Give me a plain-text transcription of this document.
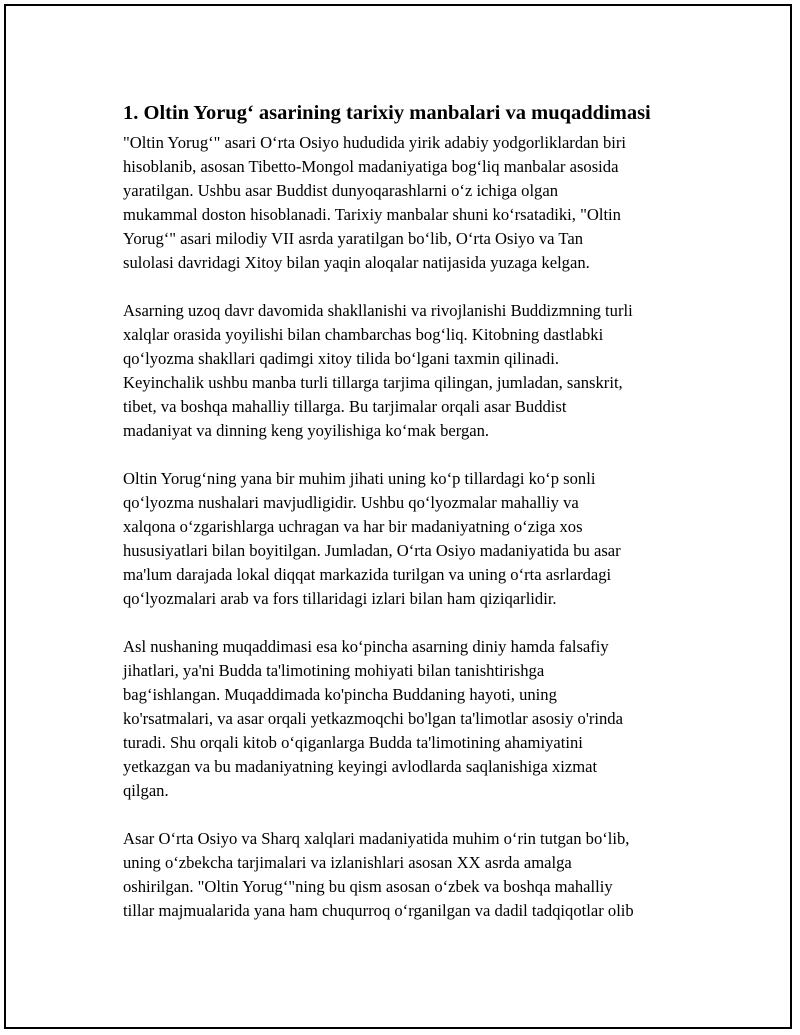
1. Oltin Yorug‘ asarining tarixiy manbalari va muqaddimasi
"Oltin Yorug‘" asari O‘rta Osiyo hududida yirik adabiy yodgorliklardan biri
hisoblanib, asosan Tibetto-Mongol madaniyatiga bog‘liq manbalar asosida
yaratilgan. Ushbu asar Buddist dunyoqarashlarni o‘z ichiga olgan
mukammal doston hisoblanadi. Tarixiy manbalar shuni ko‘rsatadiki, "Oltin
Yorug‘" asari milodiy VII asrda yaratilgan bo‘lib, O‘rta Osiyo va Tan
sulolasi davridagi Xitoy bilan yaqin aloqalar natijasida yuzaga kelgan.
Asarning uzoq davr davomida shakllanishi va rivojlanishi Buddizmning turli
xalqlar orasida yoyilishi bilan chambarchas bog‘liq. Kitobning dastlabki
qo‘lyozma shakllari qadimgi xitoy tilida bo‘lgani taxmin qilinadi.
Keyinchalik ushbu manba turli tillarga tarjima qilingan, jumladan, sanskrit,
tibet, va boshqa mahalliy tillarga. Bu tarjimalar orqali asar Buddist
madaniyat va dinning keng yoyilishiga ko‘mak bergan.
Oltin Yorug‘ning yana bir muhim jihati uning ko‘p tillardagi ko‘p sonli
qo‘lyozma nushalari mavjudligidir. Ushbu qo‘lyozmalar mahalliy va
xalqona o‘zgarishlarga uchragan va har bir madaniyatning o‘ziga xos
hususiyatlari bilan boyitilgan. Jumladan, O‘rta Osiyo madaniyatida bu asar
ma'lum darajada lokal diqqat markazida turilgan va uning o‘rta asrlardagi
qo‘lyozmalari arab va fors tillaridagi izlari bilan ham qiziqarlidir.
Asl nushaning muqaddimasi esa ko‘pincha asarning diniy hamda falsafiy
jihatlari, ya'ni Budda ta'limotining mohiyati bilan tanishtirishga
bag‘ishlangan. Muqaddimada ko'pincha Buddaning hayoti, uning
ko'rsatmalari, va asar orqali yetkazmoqchi bo'lgan ta'limotlar asosiy o'rinda
turadi. Shu orqali kitob o‘qiganlarga Budda ta'limotining ahamiyatini
yetkazgan va bu madaniyatning keyingi avlodlarda saqlanishiga xizmat
qilgan.
Asar O‘rta Osiyo va Sharq xalqlari madaniyatida muhim o‘rin tutgan bo‘lib,
uning o‘zbekcha tarjimalari va izlanishlari asosan XX asrda amalga
oshirilgan. "Oltin Yorug‘"ning bu qism asosan o‘zbek va boshqa mahalliy
tillar majmualarida yana ham chuqurroq o‘rganilgan va dadil tadqiqotlar olib
